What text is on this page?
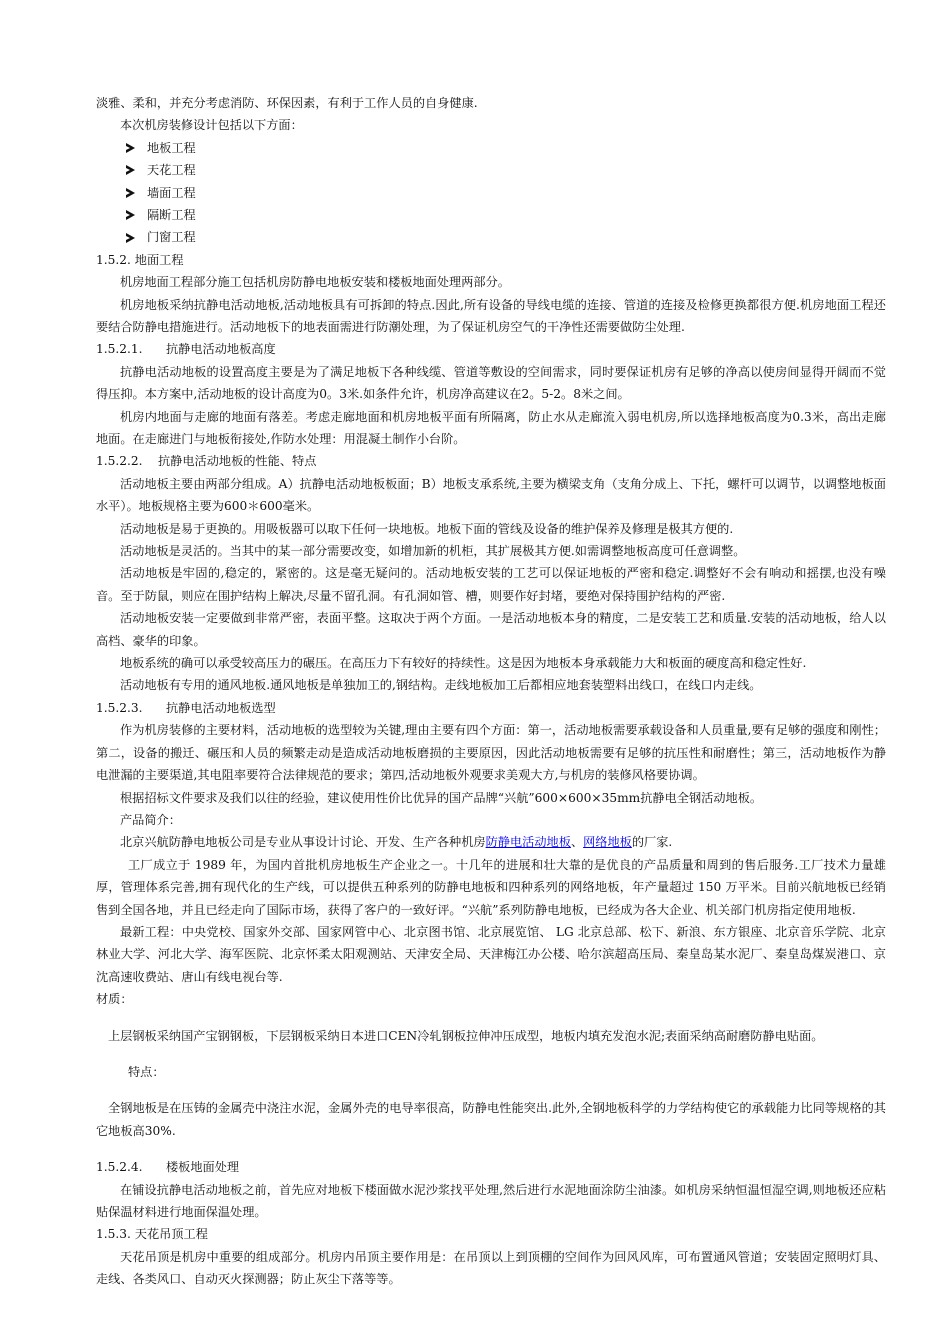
淡雅、柔和，并充分考虑消防、环保因素，有利于工作人员的自身健康.

本次机房装修设计包括以下方面：

地板工程
天花工程
墙面工程
隔断工程
门窗工程

1.5.2. 地面工程

机房地面工程部分施工包括机房防静电地板安装和楼板地面处理两部分。

机房地板采纳抗静电活动地板,活动地板具有可拆卸的特点.因此,所有设备的导线电缆的连接、管道的连接及检修更换都很方便.机房地面工程还要结合防静电措施进行。活动地板下的地表面需进行防潮处理，为了保证机房空气的干净性还需要做防尘处理.

1.5.2.1. 抗静电活动地板高度

抗静电活动地板的设置高度主要是为了满足地板下各种线缆、管道等敷设的空间需求，同时要保证机房有足够的净高以使房间显得开阔而不觉得压抑。本方案中,活动地板的设计高度为0。3米.如条件允许，机房净高建议在2。5-2。8米之间。

机房内地面与走廊的地面有落差。考虑走廊地面和机房地板平面有所隔离，防止水从走廊流入弱电机房,所以选择地板高度为0.3米，高出走廊地面。在走廊进门与地板衔接处,作防水处理：用混凝土制作小台阶。

1.5.2.2. 抗静电活动地板的性能、特点

活动地板主要由两部分组成。A）抗静电活动地板板面；B）地板支承系统,主要为横梁支角（支角分成上、下托，螺杆可以调节，以调整地板面水平）。地板规格主要为600＊600毫米。

活动地板是易于更换的。用吸板器可以取下任何一块地板。地板下面的管线及设备的维护保养及修理是极其方便的.

活动地板是灵活的。当其中的某一部分需要改变，如增加新的机柜，其扩展极其方便.如需调整地板高度可任意调整。

活动地板是牢固的,稳定的，紧密的。这是毫无疑问的。活动地板安装的工艺可以保证地板的严密和稳定.调整好不会有响动和摇摆,也没有噪音。至于防鼠，则应在围护结构上解决,尽量不留孔洞。有孔洞如管、槽，则要作好封堵，要绝对保持围护结构的严密.

活动地板安装一定要做到非常严密，表面平整。这取决于两个方面。一是活动地板本身的精度，二是安装工艺和质量.安装的活动地板，给人以高档、豪华的印象。

地板系统的确可以承受较高压力的碾压。在高压力下有较好的持续性。这是因为地板本身承载能力大和板面的硬度高和稳定性好.

活动地板有专用的通风地板.通风地板是单独加工的,钢结构。走线地板加工后都相应地套装塑料出线口，在线口内走线。

1.5.2.3. 抗静电活动地板选型

作为机房装修的主要材料，活动地板的选型较为关键,理由主要有四个方面：第一，活动地板需要承载设备和人员重量,要有足够的强度和刚性；第二，设备的搬迁、碾压和人员的频繁走动是造成活动地板磨损的主要原因，因此活动地板需要有足够的抗压性和耐磨性；第三，活动地板作为静电泄漏的主要渠道,其电阻率要符合法律规范的要求；第四,活动地板外观要求美观大方,与机房的装修风格要协调。

根据招标文件要求及我们以往的经验，建议使用性价比优异的国产品牌“兴航”600×600×35mm抗静电全钢活动地板。

产品简介：

北京兴航防静电地板公司是专业从事设计讨论、开发、生产各种机房防静电活动地板、网络地板的厂家.

工厂成立于 1989 年，为国内首批机房地板生产企业之一。十几年的进展和壮大靠的是优良的产品质量和周到的售后服务.工厂技术力量雄厚，管理体系完善,拥有现代化的生产线，可以提供五种系列的防静电地板和四种系列的网络地板，年产量超过 150 万平米。目前兴航地板已经销售到全国各地，并且已经走向了国际市场，获得了客户的一致好评。“兴航”系列防静电地板，已经成为各大企业、机关部门机房指定使用地板.

最新工程：中央党校、国家外交部、国家网管中心、北京图书馆、北京展览馆、 LG 北京总部、松下、新浪、东方银座、北京音乐学院、北京林业大学、河北大学、海军医院、北京怀柔太阳观测站、天津安全局、天津梅江办公楼、哈尔滨超高压局、秦皇岛某水泥厂、秦皇岛煤炭港口、京沈高速收费站、唐山有线电视台等.

材质：

上层钢板采纳国产宝钢钢板，下层钢板采纳日本进口CEN冷轧钢板拉伸冲压成型，地板内填充发泡水泥;表面采纳高耐磨防静电贴面。

特点：

全钢地板是在压铸的金属壳中浇注水泥，金属外壳的电导率很高，防静电性能突出.此外,全钢地板科学的力学结构使它的承载能力比同等规格的其它地板高30%.

1.5.2.4. 楼板地面处理

在铺设抗静电活动地板之前，首先应对地板下楼面做水泥沙浆找平处理,然后进行水泥地面涂防尘油漆。如机房采纳恒温恒湿空调,则地板还应粘贴保温材料进行地面保温处理。

1.5.3. 天花吊顶工程

天花吊顶是机房中重要的组成部分。机房内吊顶主要作用是：在吊顶以上到顶棚的空间作为回风风库，可布置通风管道；安装固定照明灯具、走线、各类风口、自动灭火探测器；防止灰尘下落等等。
